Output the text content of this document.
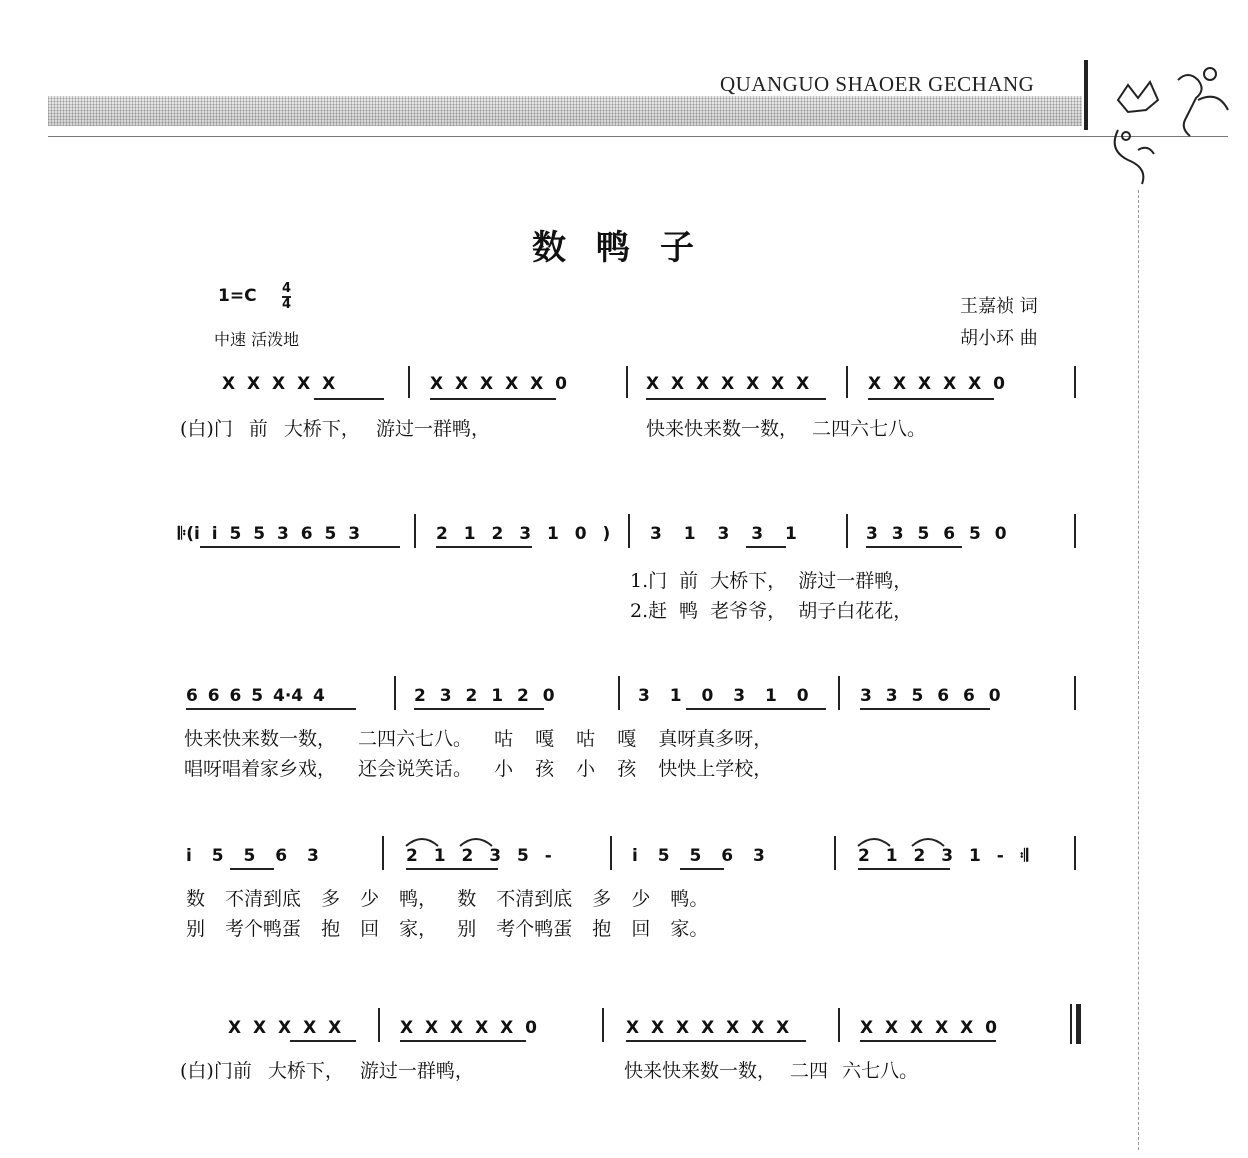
QUANGUO SHAOER GECHANG
数鸭子
1=C 4
4
中速 活泼地
王嘉祯 词
胡小环 曲
X X X X X	X X X X X 0	X X X X X X X	X X X X X 0
(白)门 前 大桥下， 游过一群鸭，	快来快来数一数， 二四六七八。
𝄆(i i 5 5 3 6 5 3	2 1 2 3 1 0 ) 3 1 3 3 1	3 3 5 6 5 0
1.门 前 大桥下， 游过一群鸭，
2.赶 鸭 老爷爷， 胡子白花花，
6 6 6 5 4·4 4	2 3 2 1 2 0	3 1 0 3 1 0	3 3 5 6 6 0
快来快来数一数， 二四六七八。 咕 嘎 咕 嘎 真呀真多呀，
唱呀唱着家乡戏， 还会说笑话。 小 孩 小 孩 快快上学校，
i 5 5 6 3	2 1 2 3 5 -	i 5 5 6 3	2 1 2 3 1 - 𝄇
数 不清到底 多 少 鸭， 数 不清到底 多 少 鸭。
别 考个鸭蛋 抱 回 家， 别 考个鸭蛋 抱 回 家。
X X X X X	X X X X X 0	X X X X X X X	X X X X X 0
(白)门前 大桥下， 游过一群鸭，	快来快来数一数， 二四 六七八。
